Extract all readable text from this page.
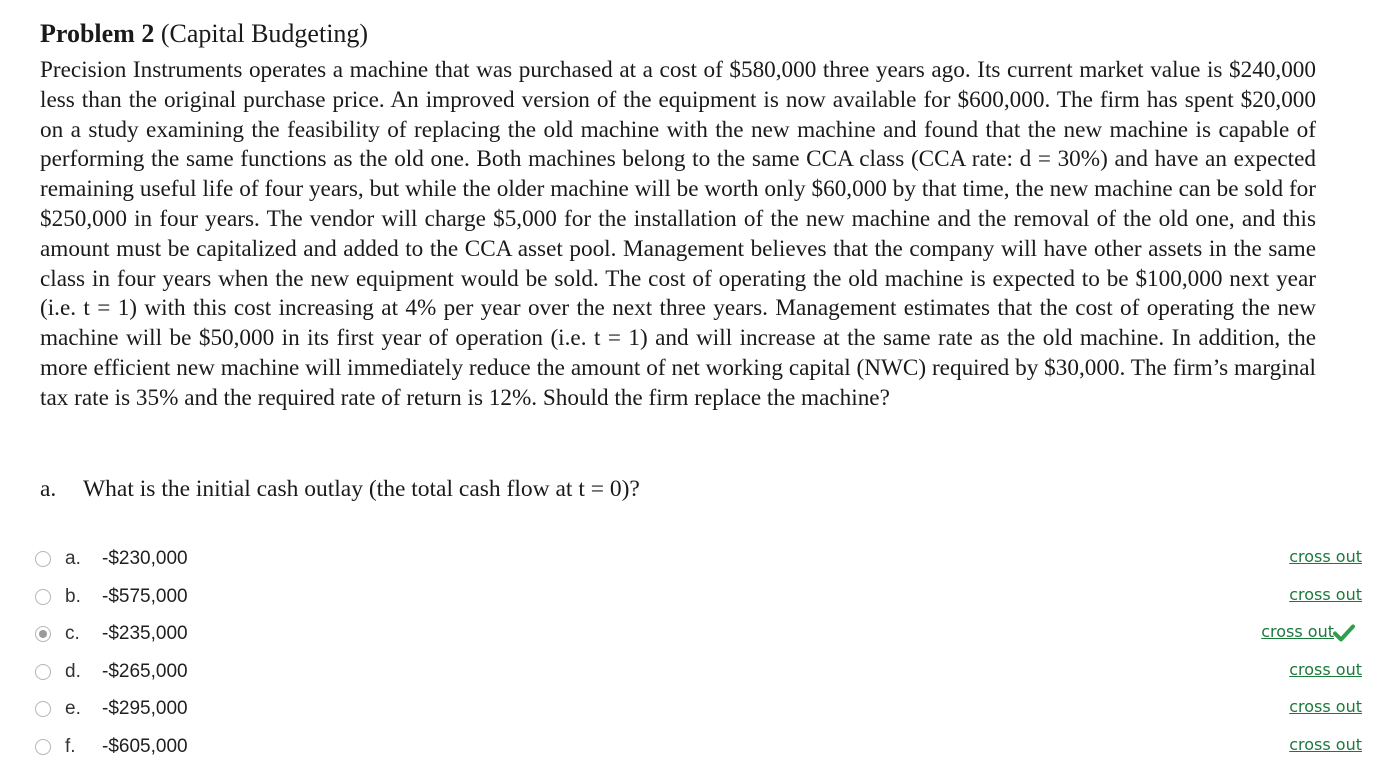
Problem 2 (Capital Budgeting)

Precision Instruments operates a machine that was purchased at a cost of $580,000 three years ago. Its current market value is $240,000 less than the original purchase price. An improved version of the equipment is now available for $600,000. The firm has spent $20,000 on a study examining the feasibility of replacing the old machine with the new machine and found that the new machine is capable of performing the same functions as the old one. Both machines belong to the same CCA class (CCA rate: d = 30%) and have an expected remaining useful life of four years, but while the older machine will be worth only $60,000 by that time, the new machine can be sold for $250,000 in four years. The vendor will charge $5,000 for the installation of the new machine and the removal of the old one, and this amount must be capitalized and added to the CCA asset pool. Management believes that the company will have other assets in the same class in four years when the new equipment would be sold. The cost of operating the old machine is expected to be $100,000 next year (i.e. t = 1) with this cost increasing at 4% per year over the next three years. Management estimates that the cost of operating the new machine will be $50,000 in its first year of operation (i.e. t = 1) and will increase at the same rate as the old machine. In addition, the more efficient new machine will immediately reduce the amount of net working capital (NWC) required by $30,000. The firm’s marginal tax rate is 35% and the required rate of return is 12%. Should the firm replace the machine?

a.	What is the initial cash outlay (the total cash flow at t = 0)?
a. -$230,000	cross out
b. -$575,000	cross out
c. -$235,000	cross out
d. -$265,000	cross out
e. -$295,000	cross out
f. -$605,000	cross out
